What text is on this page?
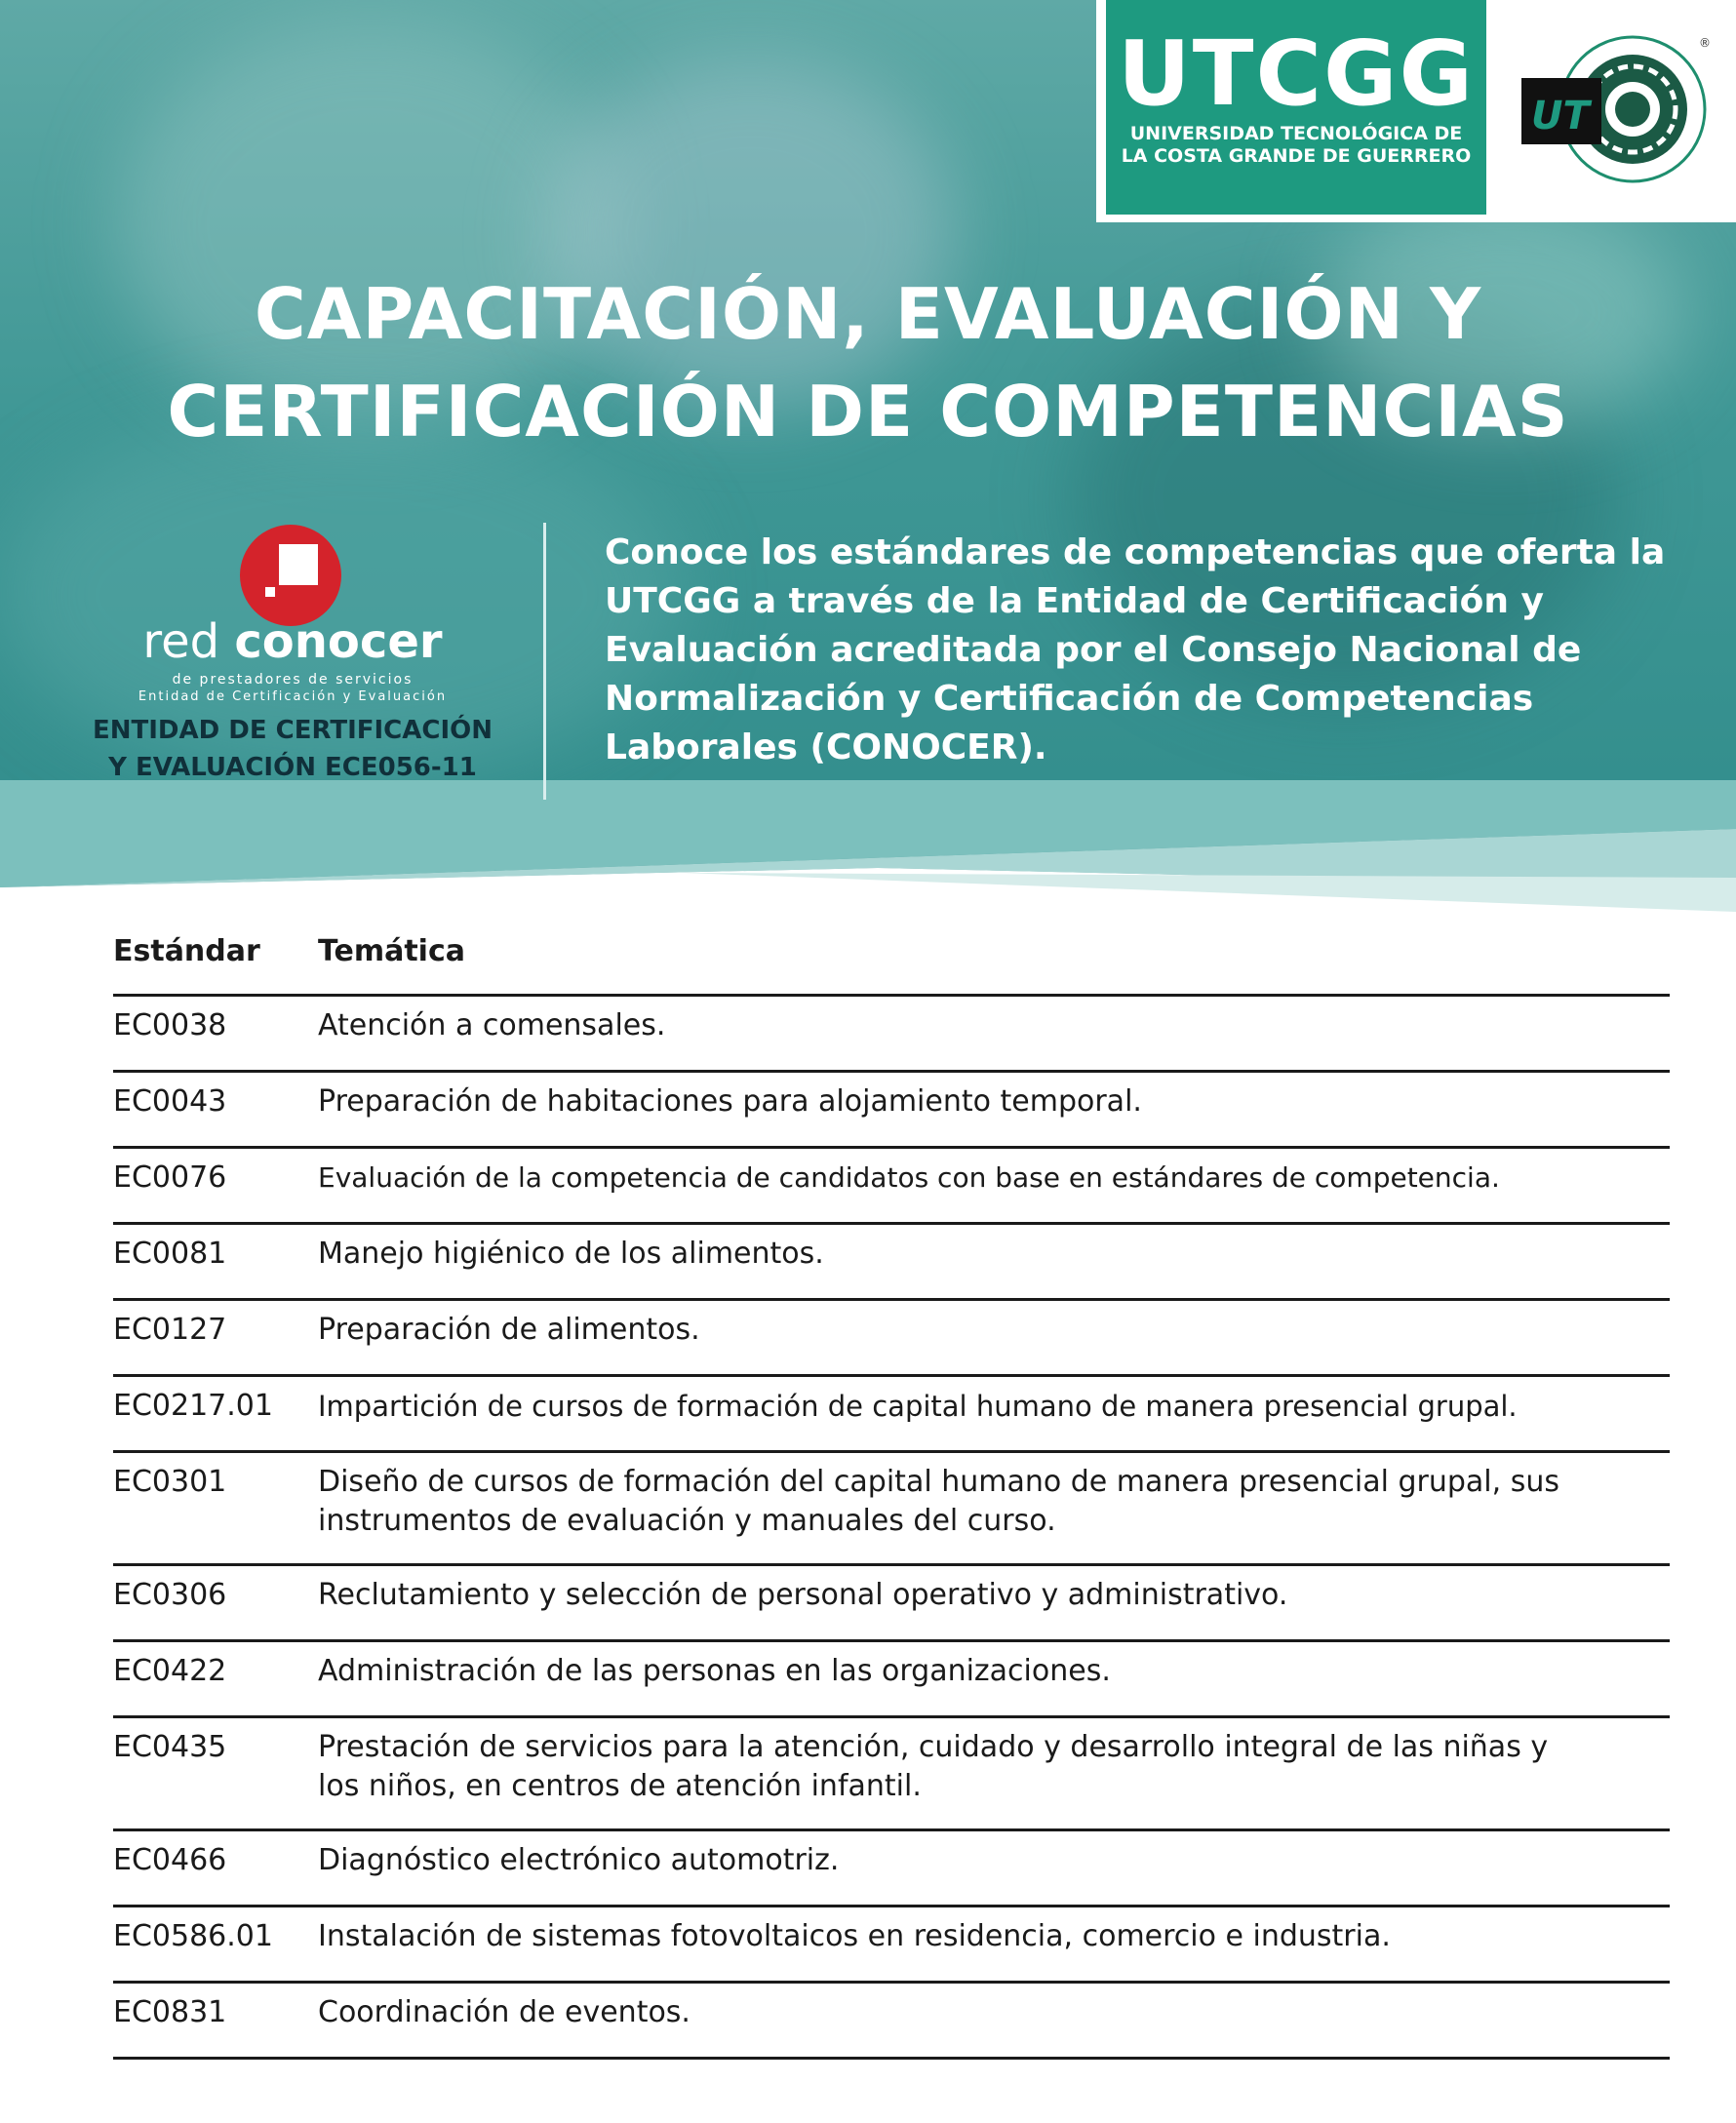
UTCGG
UNIVERSIDAD TECNOLÓGICA DE
LA COSTA GRANDE DE GUERRERO
UT
®
CAPACITACIÓN, EVALUACIÓN Y
CERTIFICACIÓN DE COMPETENCIAS
red conocer
de prestadores de servicios
Entidad de Certificación y Evaluación
ENTIDAD DE CERTIFICACIÓN
Y EVALUACIÓN ECE056-11
Conoce los estándares de competencias que oferta la UTCGG a través de la Entidad de Certificación y Evaluación acreditada por el Consejo Nacional de Normalización y Certificación de Competencias Laborales (CONOCER).
Estándar	Temática
EC0038	Atención a comensales.
EC0043	Preparación de habitaciones para alojamiento temporal.
EC0076	Evaluación de la competencia de candidatos con base en estándares de competencia.
EC0081	Manejo higiénico de los alimentos.
EC0127	Preparación de alimentos.
EC0217.01	Impartición de cursos de formación de capital humano de manera presencial grupal.
EC0301	Diseño de cursos de formación del capital humano de manera presencial grupal, sus instrumentos de evaluación y manuales del curso.
EC0306	Reclutamiento y selección de personal operativo y administrativo.
EC0422	Administración de las personas en las organizaciones.
EC0435	Prestación de servicios para la atención, cuidado y desarrollo integral de las niñas y los niños, en centros de atención infantil.
EC0466	Diagnóstico electrónico automotriz.
EC0586.01	Instalación de sistemas fotovoltaicos en residencia, comercio e industria.
EC0831	Coordinación de eventos.
